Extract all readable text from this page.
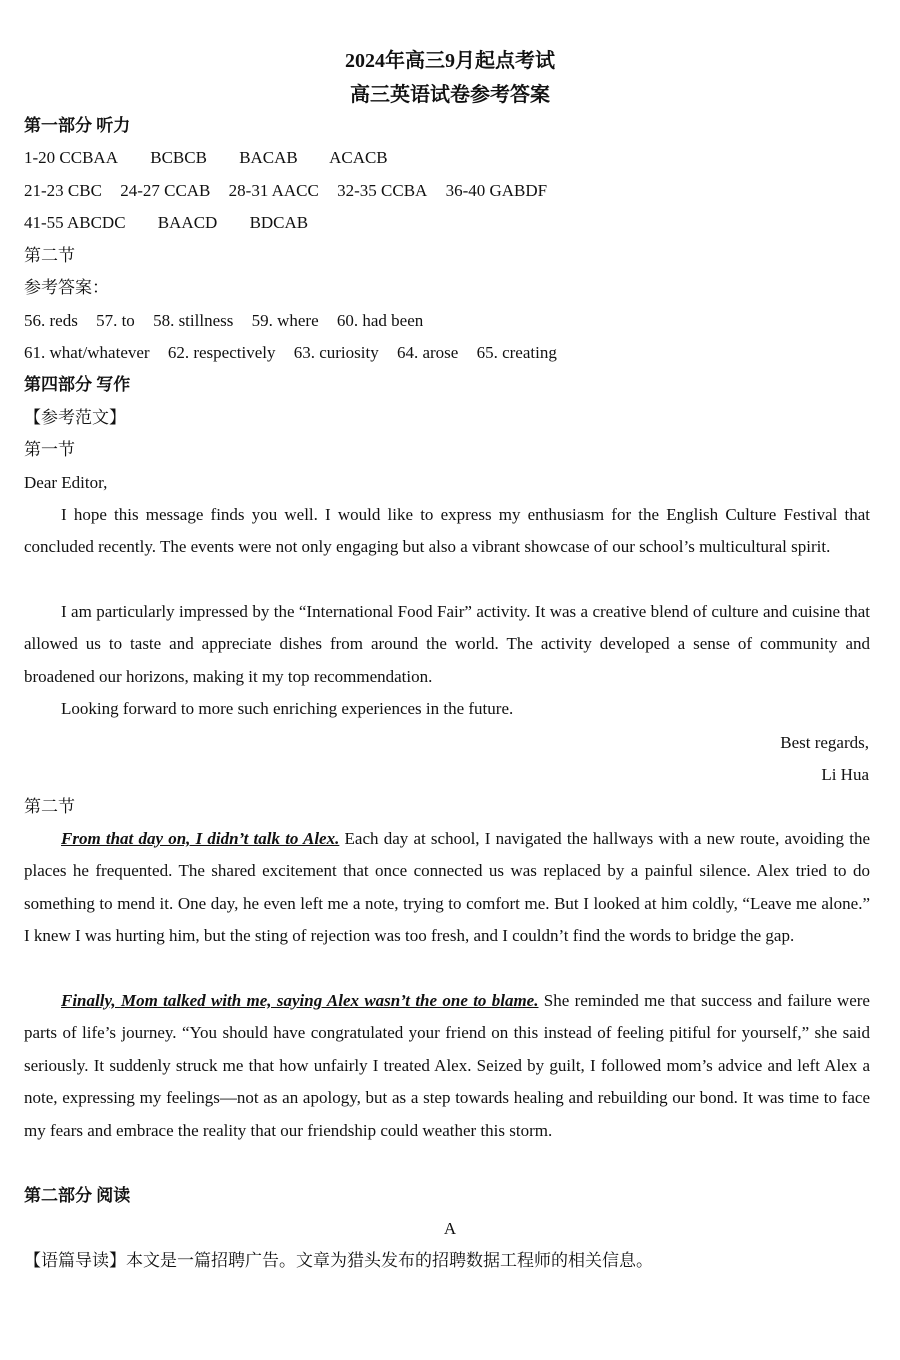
2024年高三9月起点考试
高三英语试卷参考答案
第一部分 听力
1-20 CCBAA BCBCB BACAB ACACB
21-23 CBC 24-27 CCAB 28-31 AACC 32-35 CCBA 36-40 GABDF
41-55 ABCDC BAACD BDCAB
第二节
参考答案：
56. reds 57. to 58. stillness 59. where 60. had been
61. what/whatever 62. respectively 63. curiosity 64. arose 65. creating
第四部分 写作
【参考范文】
第一节
Dear Editor,

I hope this message finds you well. I would like to express my enthusiasm for the English Culture Festival that concluded recently. The events were not only engaging but also a vibrant showcase of our school’s multicultural spirit.

I am particularly impressed by the “International Food Fair” activity. It was a creative blend of culture and cuisine that allowed us to taste and appreciate dishes from around the world. The activity developed a sense of community and broadened our horizons, making it my top recommendation.

Looking forward to more such enriching experiences in the future.

Best regards,
Li Hua
第二节

From that day on, I didn’t talk to Alex. Each day at school, I navigated the hallways with a new route, avoiding the places he frequented. The shared excitement that once connected us was replaced by a painful silence. Alex tried to do something to mend it. One day, he even left me a note, trying to comfort me. But I looked at him coldly, “Leave me alone.” I knew I was hurting him, but the sting of rejection was too fresh, and I couldn’t find the words to bridge the gap.

Finally, Mom talked with me, saying Alex wasn’t the one to blame. She reminded me that success and failure were parts of life’s journey. “You should have congratulated your friend on this instead of feeling pitiful for yourself,” she said seriously. It suddenly struck me that how unfairly I treated Alex. Seized by guilt, I followed mom’s advice and left Alex a note, expressing my feelings—not as an apology, but as a step towards healing and rebuilding our bond. It was time to face my fears and embrace the reality that our friendship could weather this storm.

第二部分 阅读
A
【语篇导读】本文是一篇招聘广告。文章为猎头发布的招聘数据工程师的相关信息。
